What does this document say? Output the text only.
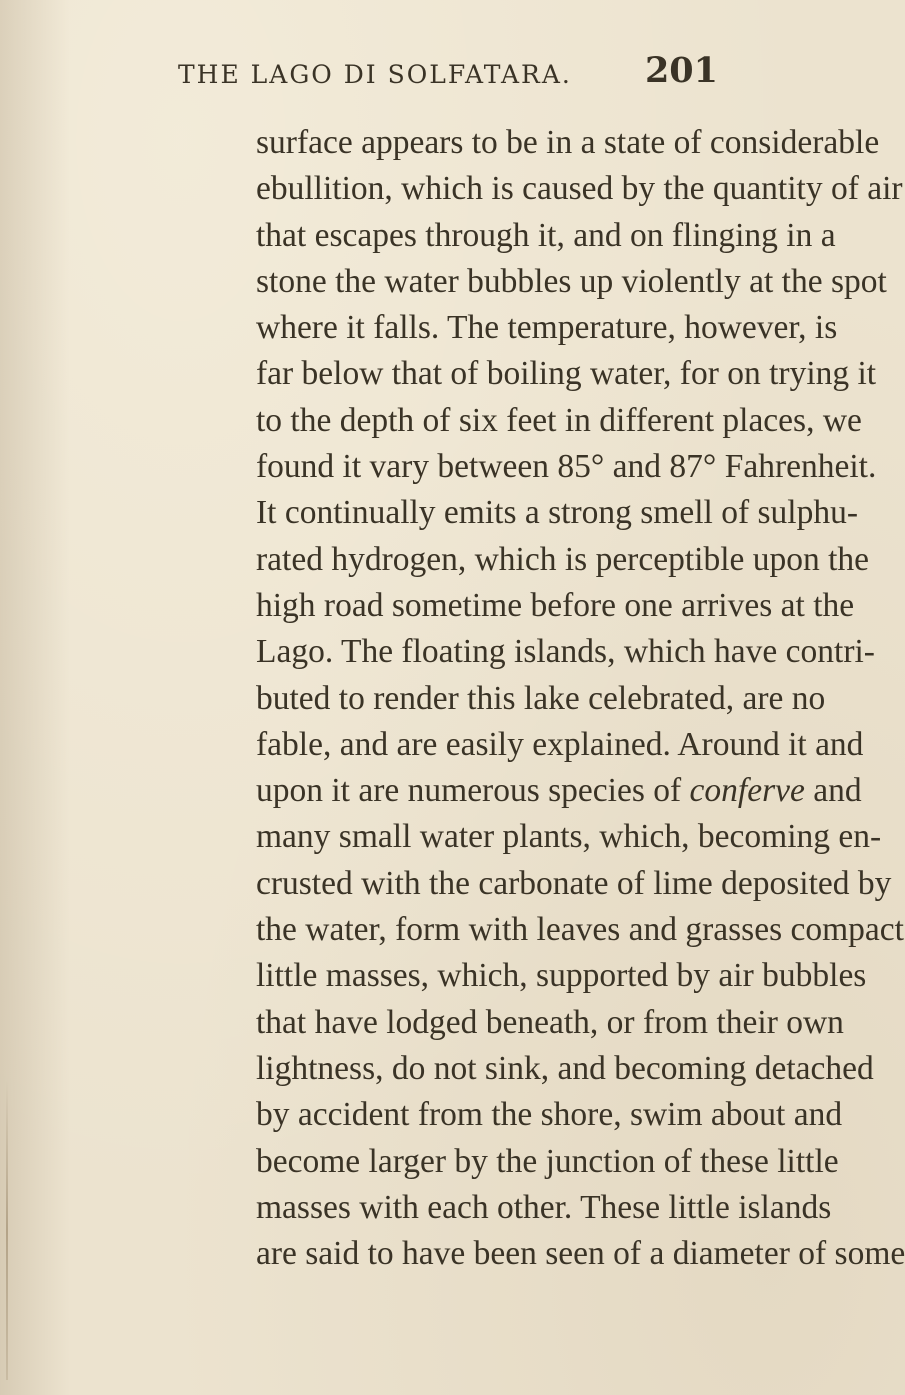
THE LAGO DI SOLFATARA. 201
surface appears to be in a state of considerable
ebullition, which is caused by the quantity of air
that escapes through it, and on flinging in a
stone the water bubbles up violently at the spot
where it falls. The temperature, however, is
far below that of boiling water, for on trying it
to the depth of six feet in different places, we
found it vary between 85° and 87° Fahrenheit.
It continually emits a strong smell of sulphu-
rated hydrogen, which is perceptible upon the
high road sometime before one arrives at the
Lago. The floating islands, which have contri-
buted to render this lake celebrated, are no
fable, and are easily explained. Around it and
upon it are numerous species of conferve and
many small water plants, which, becoming en-
crusted with the carbonate of lime deposited by
the water, form with leaves and grasses compact
little masses, which, supported by air bubbles
that have lodged beneath, or from their own
lightness, do not sink, and becoming detached
by accident from the shore, swim about and
become larger by the junction of these little
masses with each other. These little islands
are said to have been seen of a diameter of some
